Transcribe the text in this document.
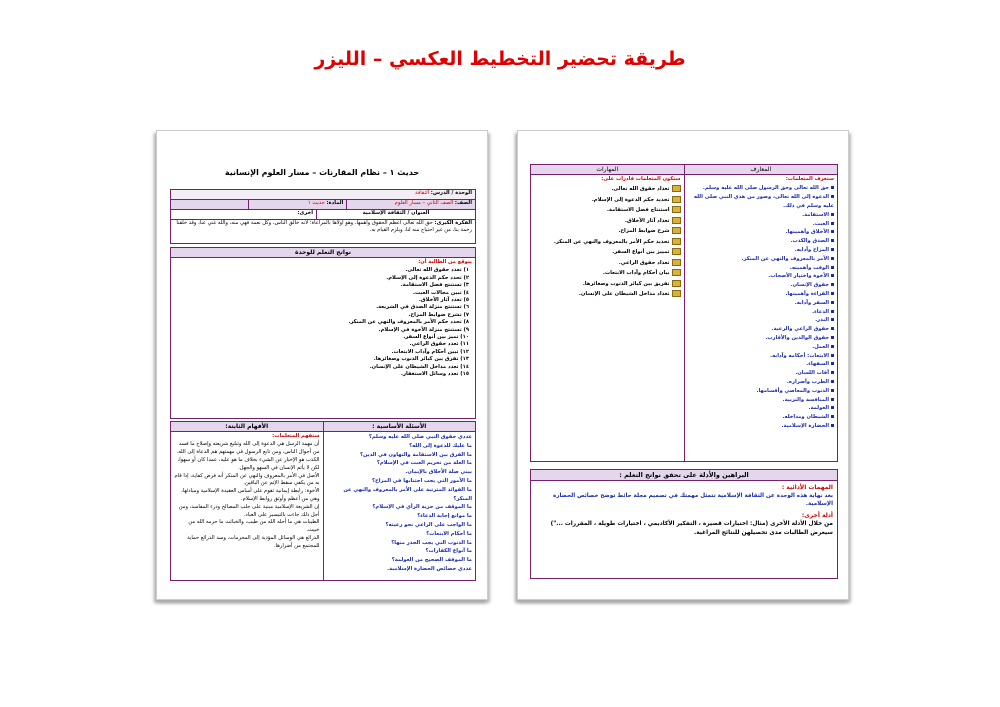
طريقة تحضير التخطيط العكسي – الليزر
حديث ١ – نظام المقارنات – مسار العلوم الإنسانية
الوحدة / الدرس: الثقافة
الصف: الصف الثاني – مسار العلوم
المادة: حديث ١
العنوان / الثقافة الإسلامية
أخرى:
الفكرة الكبرى: حق الله تعالى أعظم الحقوق وأهمها، وهو أولاها بالمراعاة؛ لأنه خالق الناس، وكل نعمة فهي منه، والله غني عنا، وقد خلقنا رحمة بنا، من غير احتياج منه لنا، ويلزم القيام به.
نواتج التعلم للوحدة
يتوقع من الطالبة أن:
١) تعدد حقوق الله تعالى.
٢) تحدد حكم الدعوة إلى الإسلام.
٣) تستنتج فضل الاستقامة.
٤) تبين مجالات العبث.
٥) تعدد آثار الأخلاق.
٦) تستنتج منزلة الصدق في الشريعة.
٧) تشرح ضوابط المزاح.
٨) تحدد حكم الأمر بالمعروف والنهي عن المنكر.
٩) تستنتج منزلة الأخوة في الإسلام.
١٠) تميز بين أنواع السفر.
١١) تعدد حقوق الراعي.
١٢) تبين أحكام وآداب الابتعاث.
١٣) تفرق بين كبائر الذنوب وصغائرها.
١٤) تعدد مداخل الشيطان على الإنسان.
١٥) تعدد وسائل الاستغفار.
الأسئلة الأساسية :
عددي حقوق النبي صلى الله عليه وسلم؟
ما عليك للدعوة إلى الله؟
ما الفرق بين الاستقامة والتهاون في الدين؟
ما العلة من تحريم العبث في الإسلام؟
بيني صلة الأخلاق بالإيمان.
ما الأمور التي يجب اجتنابها في المزاح؟
ما الفوائد المترتبة على الأمر بالمعروف والنهي عن المنكر؟
ما الموقف من حرية الرأي في الإسلام؟
ما موانع إجابة الدعاء؟
ما الواجب على الراعي نحو رعيته؟
ما أحكام الابتعاث؟
ما الذنوب التي يجب الحذر منها؟
ما أنواع الكفارات؟
ما الموقف الصحيح من العولمة؟
عددي خصائص الحضارة الإسلامية.
الأفهام الثابتة:
ستفهم المتعلمات:
أن مهمة الرسل هي الدعوة إلى الله وتبليغ شريعته وإصلاح ما فسد من أحوال الناس، ومن تابع الرسول في مهمتهم هم الدعاة إلى الله.
الكذب هو الإخبار عن الشيء بخلاف ما هو عليه، عمدا كان أو سهوا، لكن لا يأثم الإنسان في السهو والجهل.
الأصل في الأمر بالمعروف والنهي عن المنكر أنه فرض كفاية، إذا قام به من يكفي سقط الإثم عن الباقين.
الأخوة: رابطة إيمانية تقوم على أساس العقيدة الإسلامية ومبادئها، وهي من أعظم وأوثق روابط الإسلام.
إن الشريعة الإسلامية مبنية على جلب المصالح ودرء المفاسد، ومن أجل ذلك جاءت بالتيسير على العباد.
الطيبات هي ما أحله الله من طيب، والخبائث ما حرمه الله من خبيث.
الذرائع هي الوسائل المؤدية إلى المحرمات، وسد الذرائع حماية للمجتمع من أضرارها.
المعارف
ستعرف المتعلمات:
حق الله تعالى وحق الرسول صلى الله عليه وسلم.
الدعوة إلى الله تعالى، وصور من هدي النبي صلى الله عليه وسلم في ذلك.
الاستقامة.
العبث.
الأخلاق وأهميتها.
الصدق والكذب.
المزاح وآدابه.
الأمر بالمعروف والنهي عن المنكر.
الوقت وأهميته.
الأخوة واختيار الأصحاب.
حقوق الإنسان.
القراءة وأهميتها.
السفر وآدابه.
الدعاء.
النذر.
حقوق الراعي والرعية.
حقوق الوالدين والأقارب.
العمل.
الابتعاث: أحكامه وآدابه.
السفهاء.
آفات اللسان.
الطرب وأضراره.
الذنوب والمعاصي وأقسامها.
المنافسة والتربية.
العولمة.
الشيطان ومداخله.
الحضارة الإسلامية.
المهارات
ستكون المتعلمات قادرات على:
تعداد حقوق الله تعالى.
تحديد حكم الدعوة إلى الإسلام.
استنتاج فضل الاستقامة.
تعداد آثار الأخلاق.
شرح ضوابط المزاح.
تحديد حكم الأمر بالمعروف والنهي عن المنكر.
تمييز بين أنواع السفر.
تعداد حقوق الراعي.
بيان أحكام وآداب الابتعاث.
تفريق بين كبائر الذنوب وصغائرها.
تعداد مداخل الشيطان على الإنسان.
البراهين والأدلة على تحقق نواتج التعلم :
المهمات الأدائية :
بعد نهاية هذه الوحدة عن الثقافة الإسلامية تتمثل مهمتك في تصميم مجلة حائط توضح خصائص الحضارة الإسلامية.
أدلة أخرى:
من خلال الأدلة الأخرى (مثال: اختبارات قصيرة ، التفكير الأكاديمي ، اختبارات طويلة ، المقررات ...") سيعرض الطالبات مدى تحصيلهن للنتائج المراغبة.
